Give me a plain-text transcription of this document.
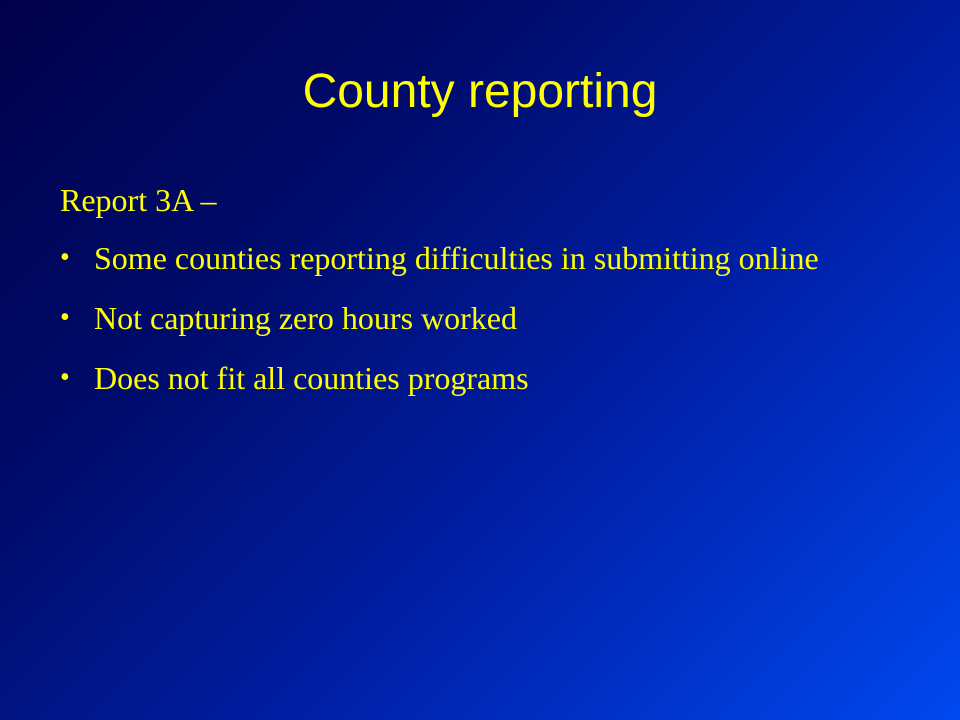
County reporting
Report 3A –
• Some counties reporting difficulties in submitting online
• Not capturing zero hours worked
• Does not fit all counties programs
